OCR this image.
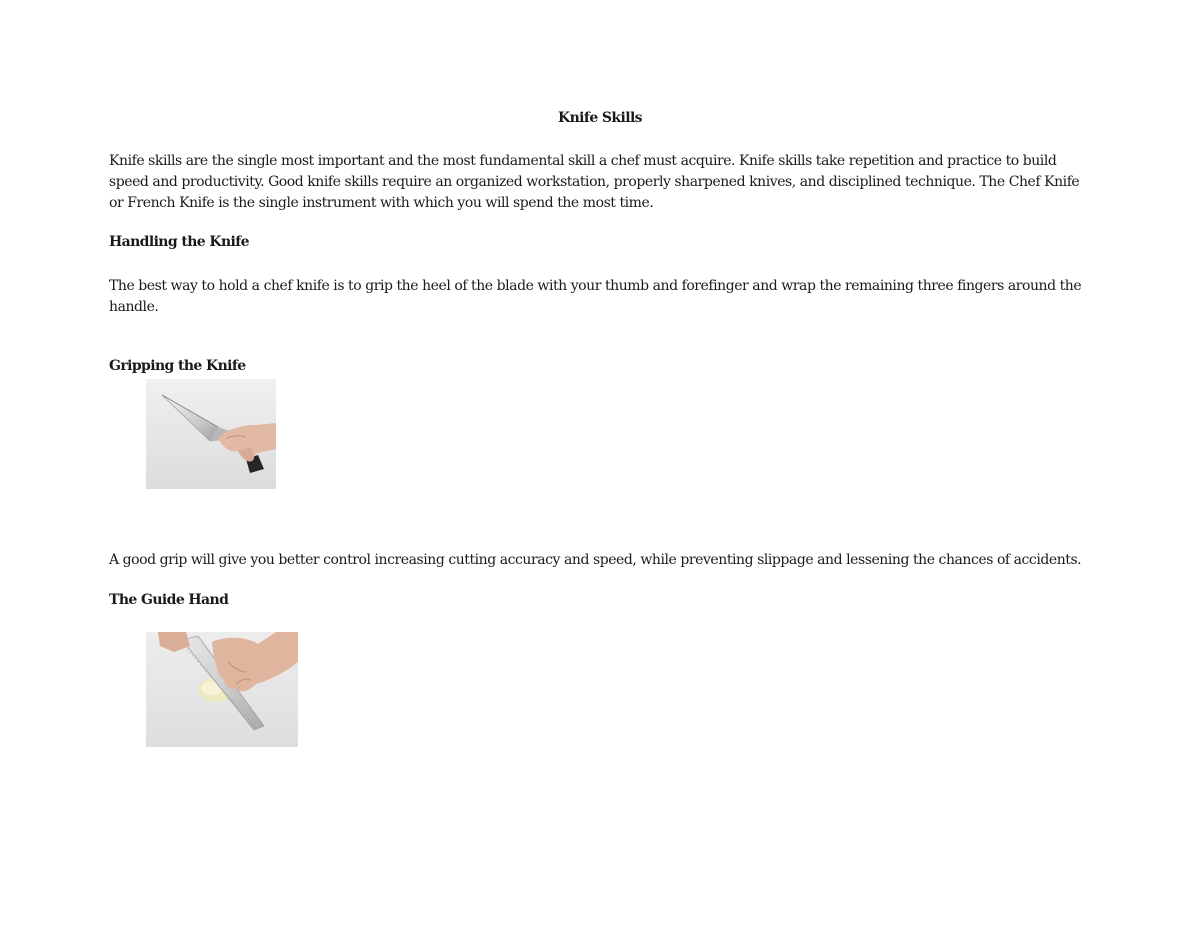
Knife Skills

Knife skills are the single most important and the most fundamental skill a chef must acquire. Knife skills take repetition and practice to build speed and productivity. Good knife skills require an organized workstation, properly sharpened knives, and disciplined technique. The Chef Knife or French Knife is the single instrument with which you will spend the most time.

Handling the Knife

The best way to hold a chef knife is to grip the heel of the blade with your thumb and forefinger and wrap the remaining three fingers around the handle.

Gripping the Knife

A good grip will give you better control increasing cutting accuracy and speed, while preventing slippage and lessening the chances of accidents.

The Guide Hand
